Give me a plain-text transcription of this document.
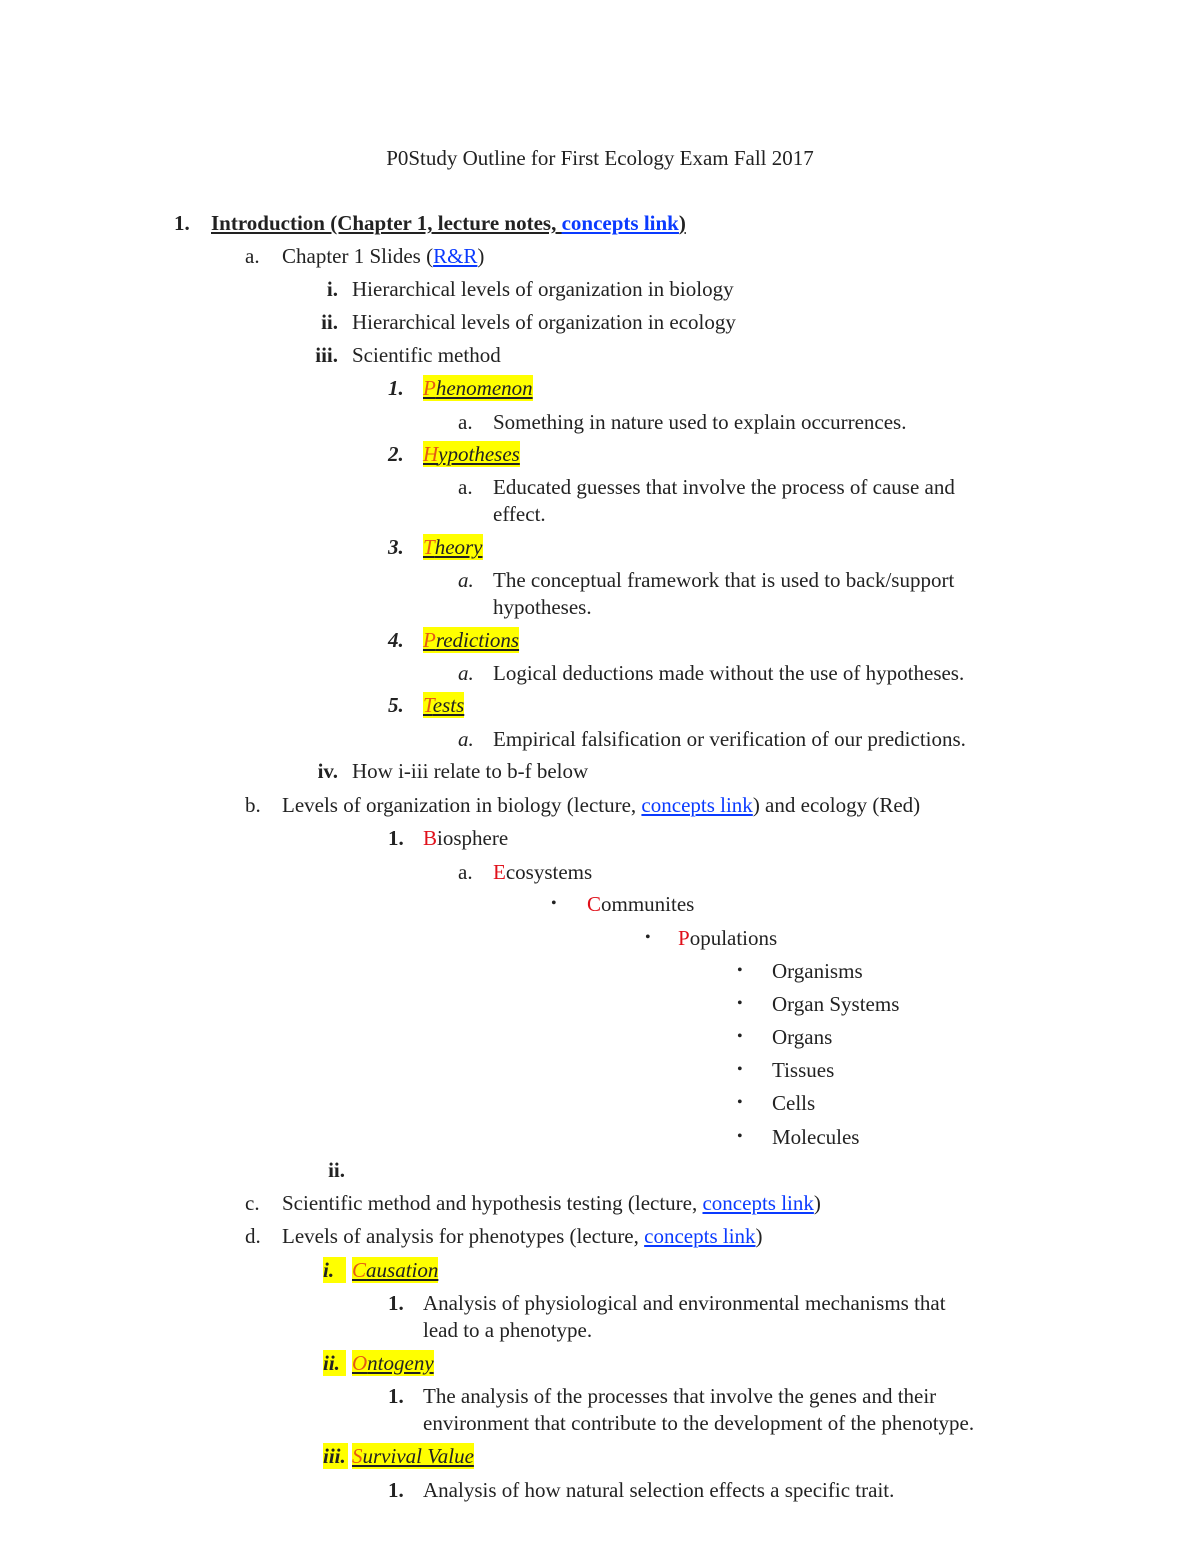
P0Study Outline for First Ecology Exam Fall 2017
1. Introduction (Chapter 1, lecture notes, concepts link)
a. Chapter 1 Slides (R&R)
i. Hierarchical levels of organization in biology
ii. Hierarchical levels of organization in ecology
iii. Scientific method
1. Phenomenon
a. Something in nature used to explain occurrences.
2. Hypotheses
a. Educated guesses that involve the process of cause and
effect.
3. Theory
a. The conceptual framework that is used to back/support
hypotheses.
4. Predictions
a. Logical deductions made without the use of hypotheses.
5. Tests
a. Empirical falsification or verification of our predictions.
iv. How i-iii relate to b-f below
b. Levels of organization in biology (lecture, concepts link) and ecology (Red)
1. Biosphere
a. Ecosystems
• Communites
• Populations
• Organisms
• Organ Systems
• Organs
• Tissues
• Cells
• Molecules
ii.
c. Scientific method and hypothesis testing (lecture, concepts link)
d. Levels of analysis for phenotypes (lecture, concepts link)
i. Causation
1. Analysis of physiological and environmental mechanisms that
lead to a phenotype.
ii. Ontogeny
1. The analysis of the processes that involve the genes and their
environment that contribute to the development of the phenotype.
iii. Survival Value
1. Analysis of how natural selection effects a specific trait.
